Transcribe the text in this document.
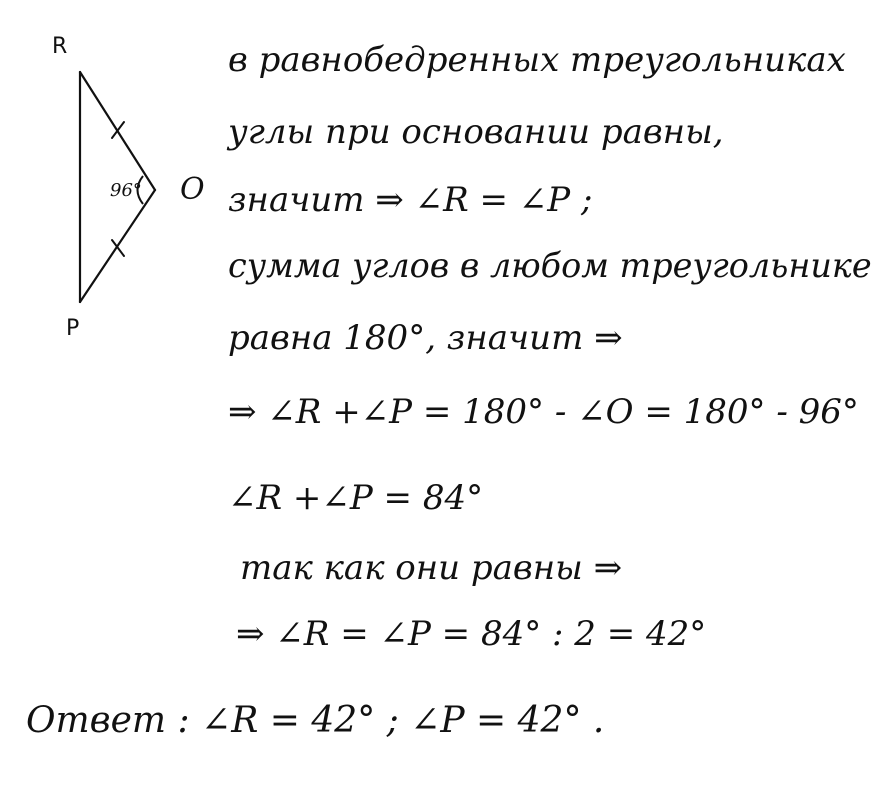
R
P
O
96°
в равнобедренных треугольниках
углы при основании равны,
значит ⇒ ∠R = ∠P ;
сумма углов в любом треугольнике
равна 180°, значит ⇒
⇒ ∠R +∠P = 180° - ∠O = 180° - 96°
∠R +∠P = 84°
так как они равны ⇒
⇒ ∠R = ∠P = 84° : 2 = 42°
Ответ : ∠R = 42° ; ∠P = 42° .
